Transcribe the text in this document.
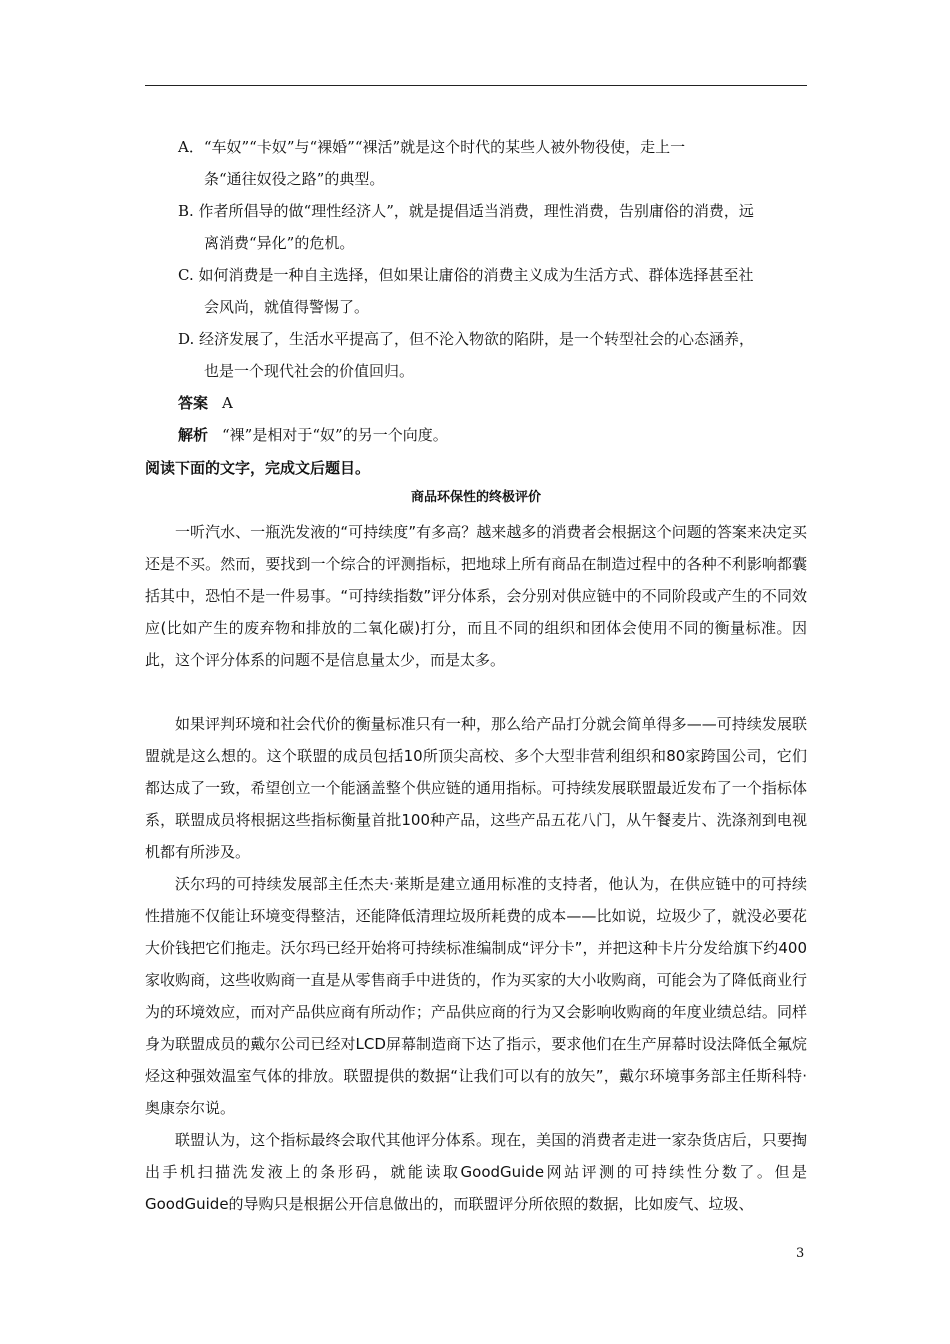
A．“车奴”“卡奴”与“裸婚”“裸活”就是这个时代的某些人被外物役使，走上一
条“通往奴役之路”的典型。
B. 作者所倡导的做“理性经济人”，就是提倡适当消费，理性消费，告别庸俗的消费，远
离消费“异化”的危机。
C. 如何消费是一种自主选择，但如果让庸俗的消费主义成为生活方式、群体选择甚至社
会风尚，就值得警惕了。
D. 经济发展了，生活水平提高了，但不沦入物欲的陷阱，是一个转型社会的心态涵养，
也是一个现代社会的价值回归。
答案 A
解析 “裸”是相对于“奴”的另一个向度。
阅读下面的文字，完成文后题目。
商品环保性的终极评价

一听汽水、一瓶洗发液的“可持续度”有多高？越来越多的消费者会根据这个问题的答案来决定买还是不买。然而，要找到一个综合的评测指标，把地球上所有商品在制造过程中的各种不利影响都囊括其中，恐怕不是一件易事。“可持续指数”评分体系，会分别对供应链中的不同阶段或产生的不同效应(比如产生的废弃物和排放的二氧化碳)打分，而且不同的组织和团体会使用不同的衡量标准。因此，这个评分体系的问题不是信息量太少，而是太多。

如果评判环境和社会代价的衡量标准只有一种，那么给产品打分就会简单得多——可持续发展联盟就是这么想的。这个联盟的成员包括10所顶尖高校、多个大型非营利组织和80家跨国公司，它们都达成了一致，希望创立一个能涵盖整个供应链的通用指标。可持续发展联盟最近发布了一个指标体系，联盟成员将根据这些指标衡量首批100种产品，这些产品五花八门，从午餐麦片、洗涤剂到电视机都有所涉及。

沃尔玛的可持续发展部主任杰夫·莱斯是建立通用标准的支持者，他认为，在供应链中的可持续性措施不仅能让环境变得整洁，还能降低清理垃圾所耗费的成本——比如说，垃圾少了，就没必要花大价钱把它们拖走。沃尔玛已经开始将可持续标准编制成“评分卡”，并把这种卡片分发给旗下约400家收购商，这些收购商一直是从零售商手中进货的，作为买家的大小收购商，可能会为了降低商业行为的环境效应，而对产品供应商有所动作；产品供应商的行为又会影响收购商的年度业绩总结。同样身为联盟成员的戴尔公司已经对LCD屏幕制造商下达了指示，要求他们在生产屏幕时设法降低全氟烷烃这种强效温室气体的排放。联盟提供的数据“让我们可以有的放矢”，戴尔环境事务部主任斯科特·奥康奈尔说。

联盟认为，这个指标最终会取代其他评分体系。现在，美国的消费者走进一家杂货店后，只要掏出手机扫描洗发液上的条形码，就能读取GoodGuide网站评测的可持续性分数了。但是GoodGuide的导购只是根据公开信息做出的，而联盟评分所依照的数据，比如废气、垃圾、

3
